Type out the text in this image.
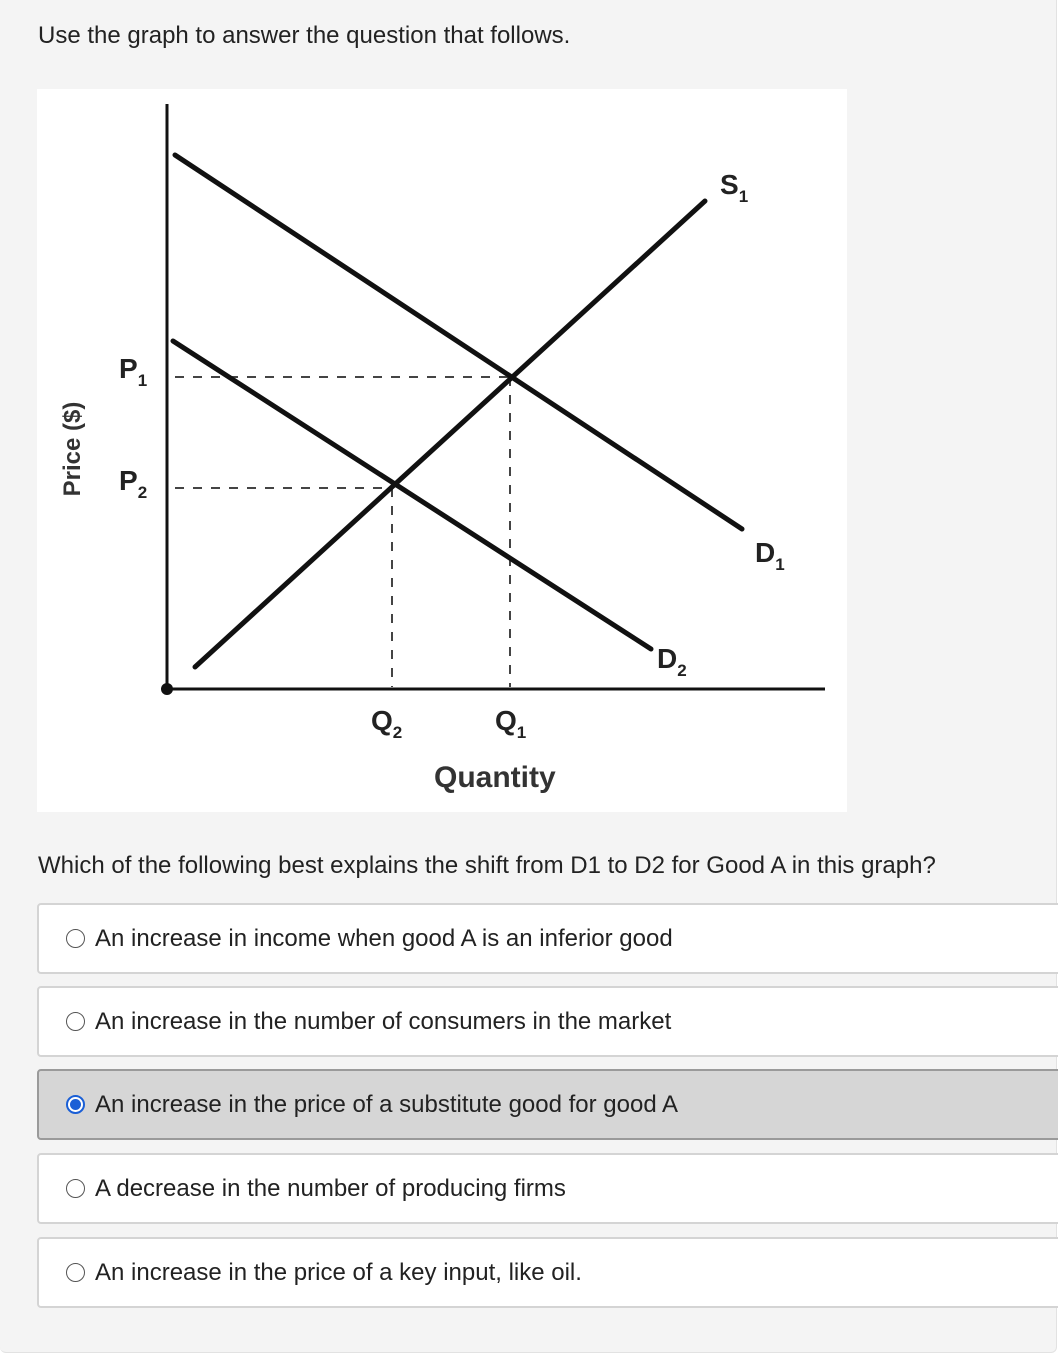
Use the graph to answer the question that follows.
$P_1$
$P_2$
$Q_2$	$Q_1$
$S_1$
$D_1$
$D_2$
Price ($)
Quantity
Which of the following best explains the shift from D1 to D2 for Good A in this graph?
An increase in income when good A is an inferior good
An increase in the number of consumers in the market
An increase in the price of a substitute good for good A
A decrease in the number of producing firms
An increase in the price of a key input, like oil.
